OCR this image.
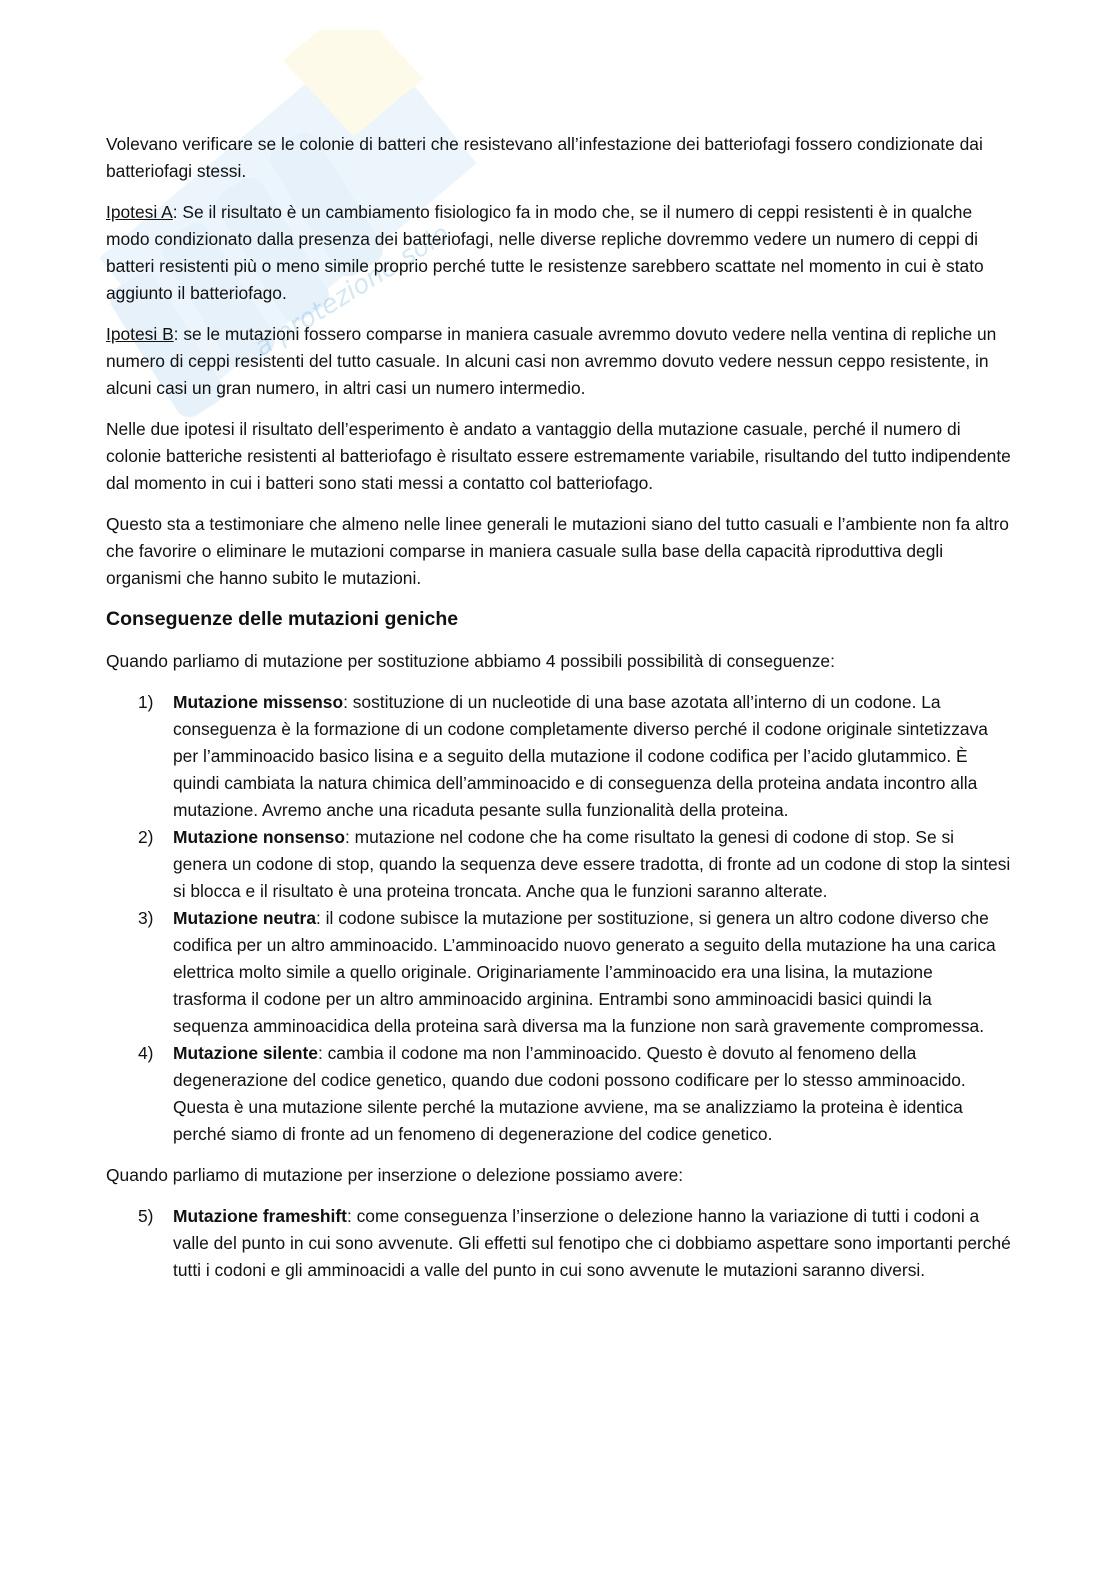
a protezione solo

Volevano verificare se le colonie di batteri che resistevano all’infestazione dei batteriofagi fossero condizionate dai batteriofagi stessi.

Ipotesi A: Se il risultato è un cambiamento fisiologico fa in modo che, se il numero di ceppi resistenti è in qualche modo condizionato dalla presenza dei batteriofagi, nelle diverse repliche dovremmo vedere un numero di ceppi di batteri resistenti più o meno simile proprio perché tutte le resistenze sarebbero scattate nel momento in cui è stato aggiunto il batteriofago.

Ipotesi B: se le mutazioni fossero comparse in maniera casuale avremmo dovuto vedere nella ventina di repliche un numero di ceppi resistenti del tutto casuale. In alcuni casi non avremmo dovuto vedere nessun ceppo resistente, in alcuni casi un gran numero, in altri casi un numero intermedio.

Nelle due ipotesi il risultato dell’esperimento è andato a vantaggio della mutazione casuale, perché il numero di colonie batteriche resistenti al batteriofago è risultato essere estremamente variabile, risultando del tutto indipendente dal momento in cui i batteri sono stati messi a contatto col batteriofago.

Questo sta a testimoniare che almeno nelle linee generali le mutazioni siano del tutto casuali e l’ambiente non fa altro che favorire o eliminare le mutazioni comparse in maniera casuale sulla base della capacità riproduttiva degli organismi che hanno subito le mutazioni.

Conseguenze delle mutazioni geniche

Quando parliamo di mutazione per sostituzione abbiamo 4 possibili possibilità di conseguenze:

1) Mutazione missenso: sostituzione di un nucleotide di una base azotata all’interno di un codone. La conseguenza è la formazione di un codone completamente diverso perché il codone originale sintetizzava per l’amminoacido basico lisina e a seguito della mutazione il codone codifica per l’acido glutammico. È quindi cambiata la natura chimica dell’amminoacido e di conseguenza della proteina andata incontro alla mutazione. Avremo anche una ricaduta pesante sulla funzionalità della proteina.
2) Mutazione nonsenso: mutazione nel codone che ha come risultato la genesi di codone di stop. Se si genera un codone di stop, quando la sequenza deve essere tradotta, di fronte ad un codone di stop la sintesi si blocca e il risultato è una proteina troncata. Anche qua le funzioni saranno alterate.
3) Mutazione neutra: il codone subisce la mutazione per sostituzione, si genera un altro codone diverso che codifica per un altro amminoacido. L’amminoacido nuovo generato a seguito della mutazione ha una carica elettrica molto simile a quello originale. Originariamente l’amminoacido era una lisina, la mutazione trasforma il codone per un altro amminoacido arginina. Entrambi sono amminoacidi basici quindi la sequenza amminoacidica della proteina sarà diversa ma la funzione non sarà gravemente compromessa.
4) Mutazione silente: cambia il codone ma non l’amminoacido. Questo è dovuto al fenomeno della degenerazione del codice genetico, quando due codoni possono codificare per lo stesso amminoacido. Questa è una mutazione silente perché la mutazione avviene, ma se analizziamo la proteina è identica perché siamo di fronte ad un fenomeno di degenerazione del codice genetico.

Quando parliamo di mutazione per inserzione o delezione possiamo avere:

5) Mutazione frameshift: come conseguenza l’inserzione o delezione hanno la variazione di tutti i codoni a valle del punto in cui sono avvenute. Gli effetti sul fenotipo che ci dobbiamo aspettare sono importanti perché tutti i codoni e gli amminoacidi a valle del punto in cui sono avvenute le mutazioni saranno diversi.
